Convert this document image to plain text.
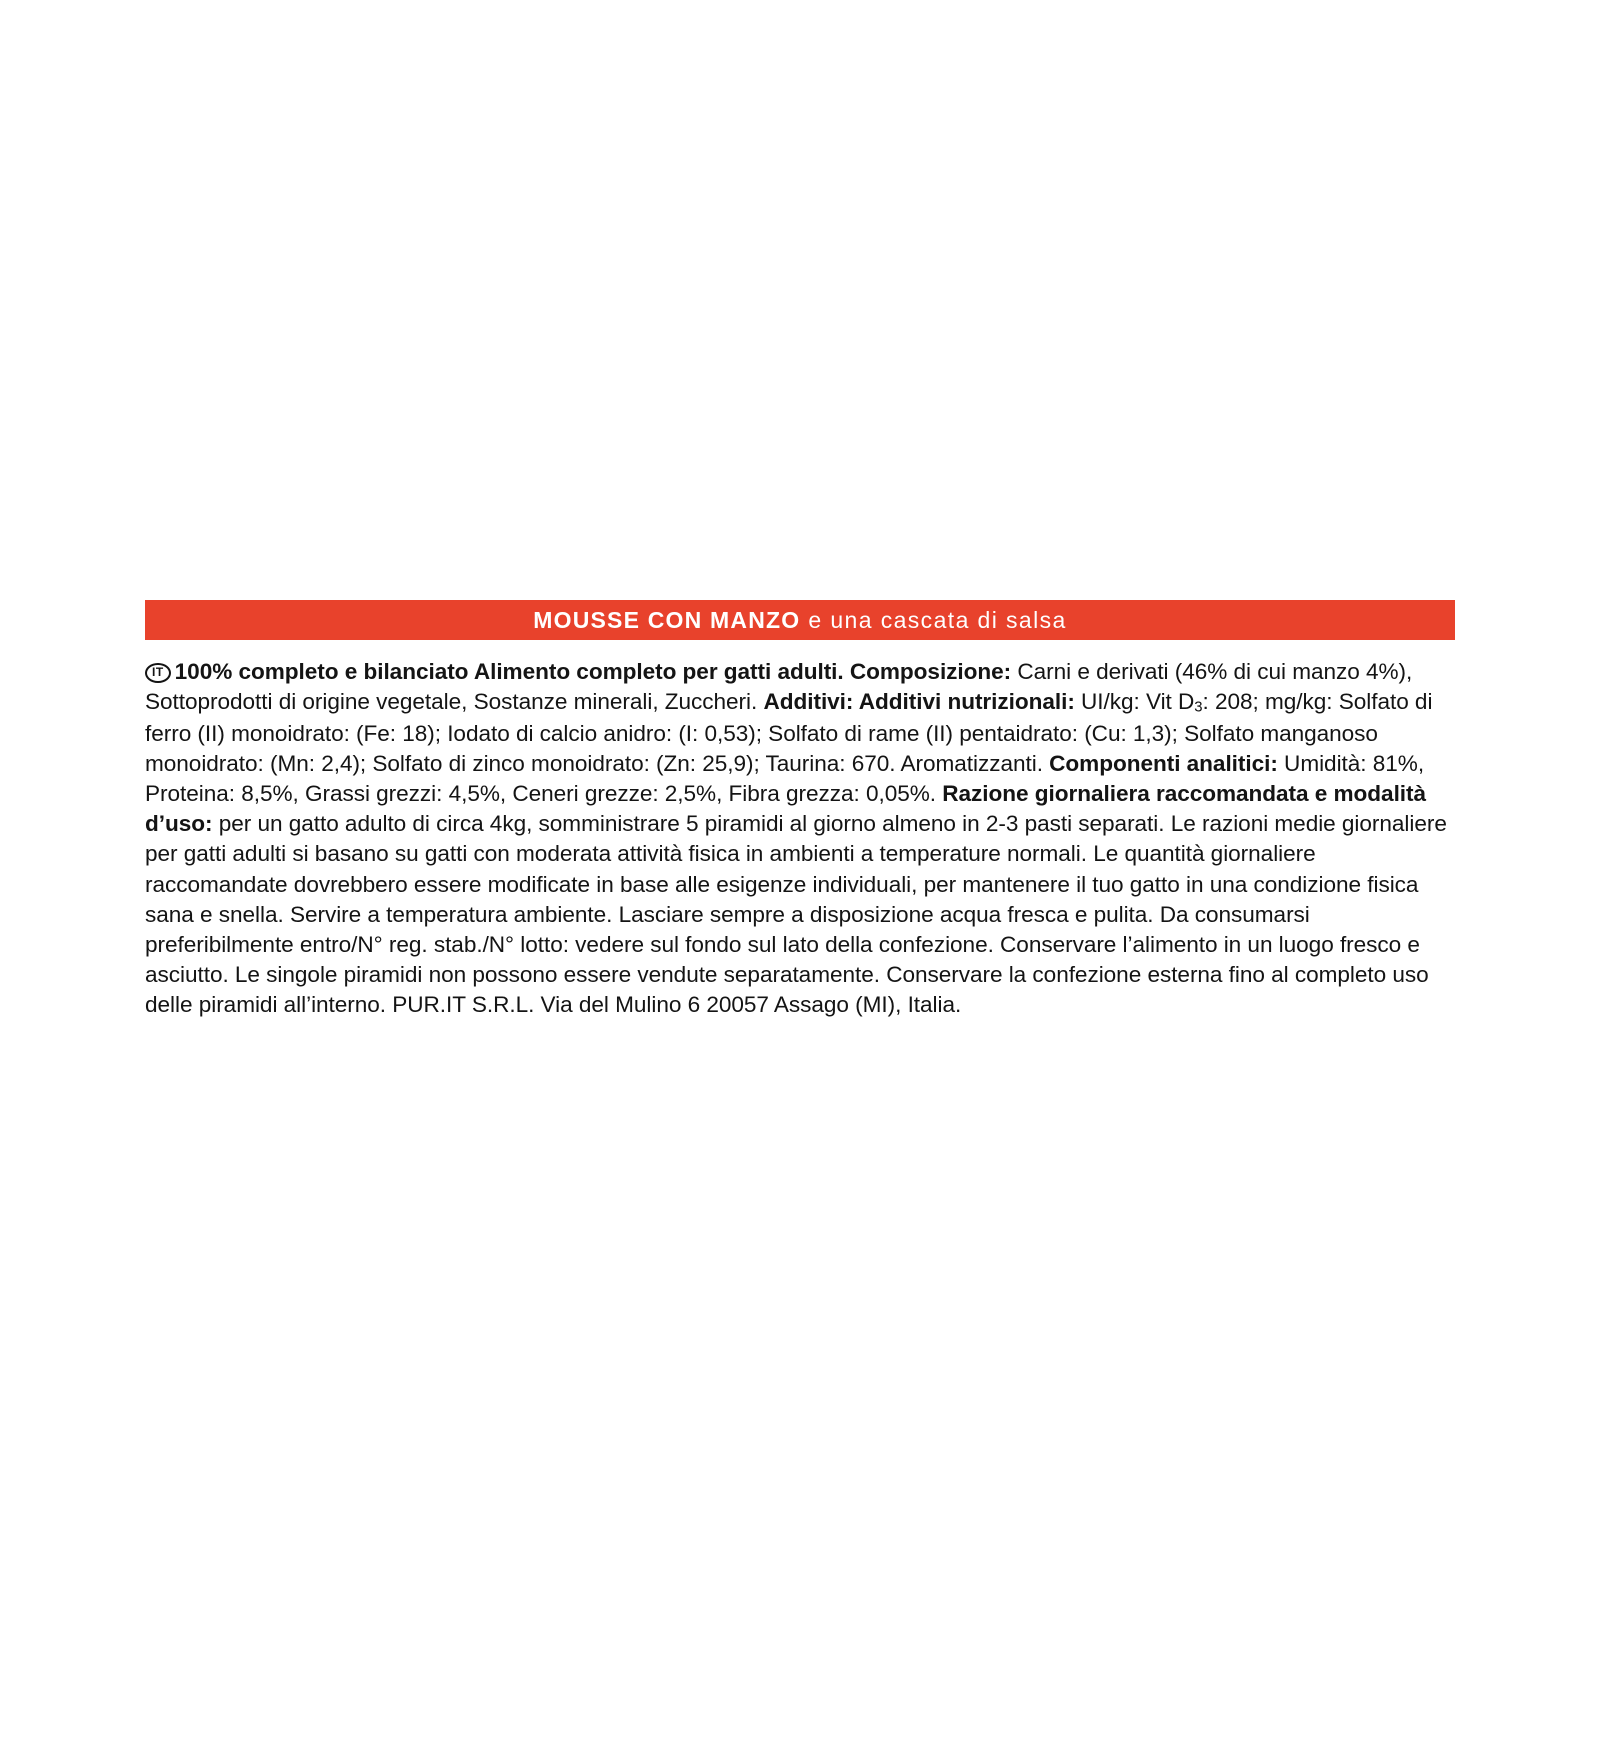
MOUSSE CON MANZO e una cascata di salsa
IT 100% completo e bilanciato Alimento completo per gatti adulti. Composizione: Carni e derivati (46% di cui manzo 4%), Sottoprodotti di origine vegetale, Sostanze minerali, Zuccheri. Additivi: Additivi nutrizionali: UI/kg: Vit $D_3$: 208; mg/kg: Solfato di ferro (II) monoidrato: (Fe: 18); Iodato di calcio anidro: (I: 0,53); Solfato di rame (II) pentaidrato: (Cu: 1,3); Solfato manganoso monoidrato: (Mn: 2,4); Solfato di zinco monoidrato: (Zn: 25,9); Taurina: 670. Aromatizzanti. Componenti analitici: Umidità: 81%, Proteina: 8,5%, Grassi grezzi: 4,5%, Ceneri grezze: 2,5%, Fibra grezza: 0,05%. Razione giornaliera raccomandata e modalità d’uso: per un gatto adulto di circa 4kg, somministrare 5 piramidi al giorno almeno in 2-3 pasti separati. Le razioni medie giornaliere per gatti adulti si basano su gatti con moderata attività fisica in ambienti a temperature normali. Le quantità giornaliere raccomandate dovrebbero essere modificate in base alle esigenze individuali, per mantenere il tuo gatto in una condizione fisica sana e snella. Servire a temperatura ambiente. Lasciare sempre a disposizione acqua fresca e pulita. Da consumarsi preferibilmente entro/N° reg. stab./N° lotto: vedere sul fondo sul lato della confezione. Conservare l’alimento in un luogo fresco e asciutto. Le singole piramidi non possono essere vendute separatamente. Conservare la confezione esterna fino al completo uso delle piramidi all’interno. PUR.IT S.R.L. Via del Mulino 6 20057 Assago (MI), Italia.
